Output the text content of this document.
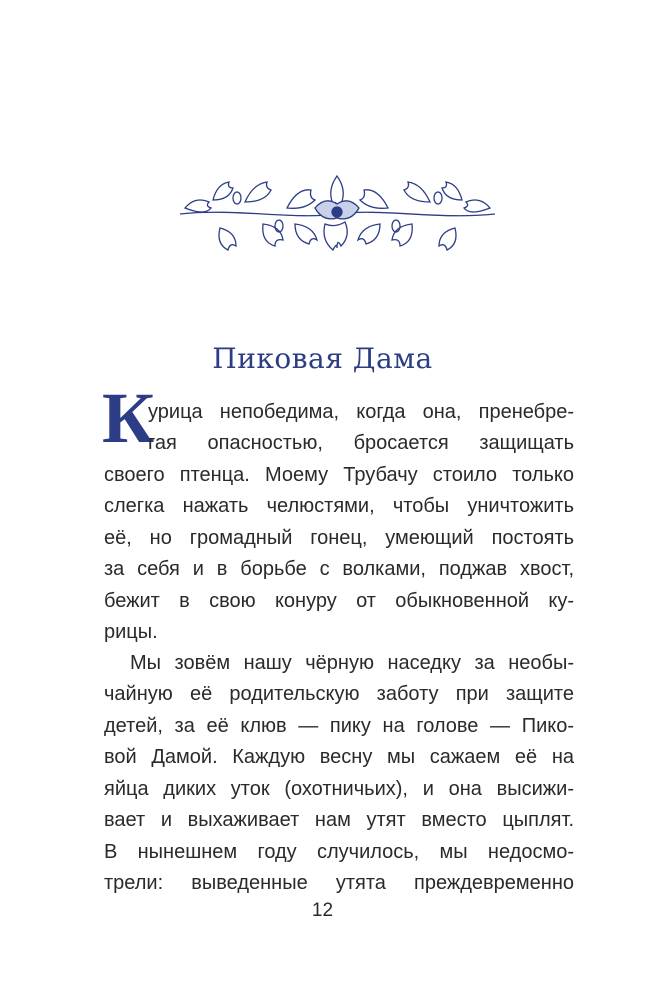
Пиковая Дама
К
урица непобедима, когда она, пренебре-
гая опасностью, бросается защищать
своего птенца. Моему Трубачу стоило только
слегка нажать челюстями, чтобы уничтожить
её, но громадный гонец, умеющий постоять
за себя и в борьбе с волками, поджав хвост,
бежит в свою конуру от обыкновенной ку-
рицы.
Мы зовём нашу чёрную наседку за необы-
чайную её родительскую заботу при защите
детей, за её клюв — пику на голове — Пико-
вой Дамой. Каждую весну мы сажаем её на
яйца диких уток (охотничьих), и она высижи-
вает и выхаживает нам утят вместо цыплят.
В нынешнем году случилось, мы недосмо-
трели: выведенные утята преждевременно
12
